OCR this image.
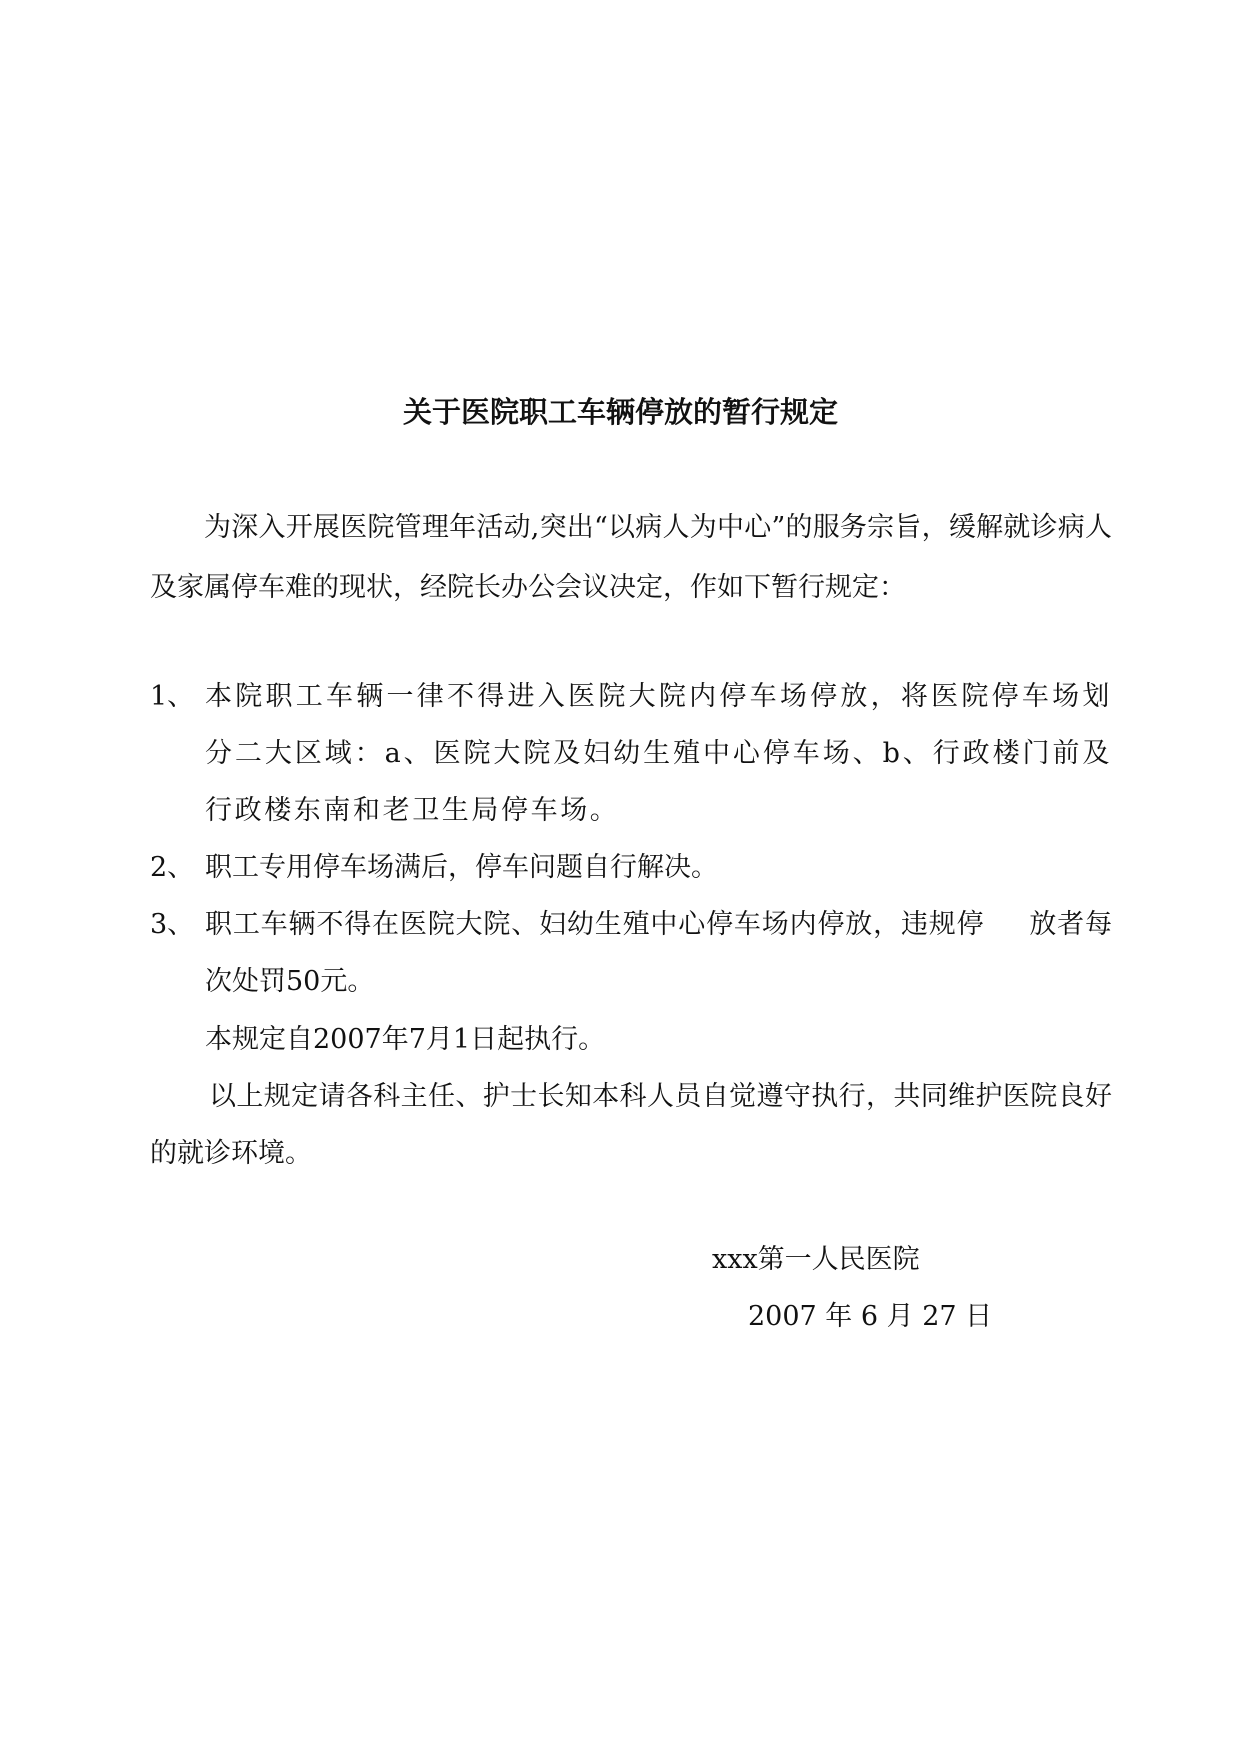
关于医院职工车辆停放的暂行规定
为深入开展医院管理年活动,突出“以病人为中心”的服务宗旨，缓解就诊病人及家属停车难的现状，经院长办公会议决定，作如下暂行规定：
1、 本院职工车辆一律不得进入医院大院内停车场停放，将医院停车场划分二大区域：a、医院大院及妇幼生殖中心停车场、b、行政楼门前及行政楼东南和老卫生局停车场。
2、 职工专用停车场满后，停车问题自行解决。
3、 职工车辆不得在医院大院、妇幼生殖中心停车场内停放，违规停 放者每次处罚50元。
本规定自2007年7月1日起执行。
以上规定请各科主任、护士长知本科人员自觉遵守执行，共同维护医院良好的就诊环境。
xxx第一人民医院
2007 年 6 月 27 日
